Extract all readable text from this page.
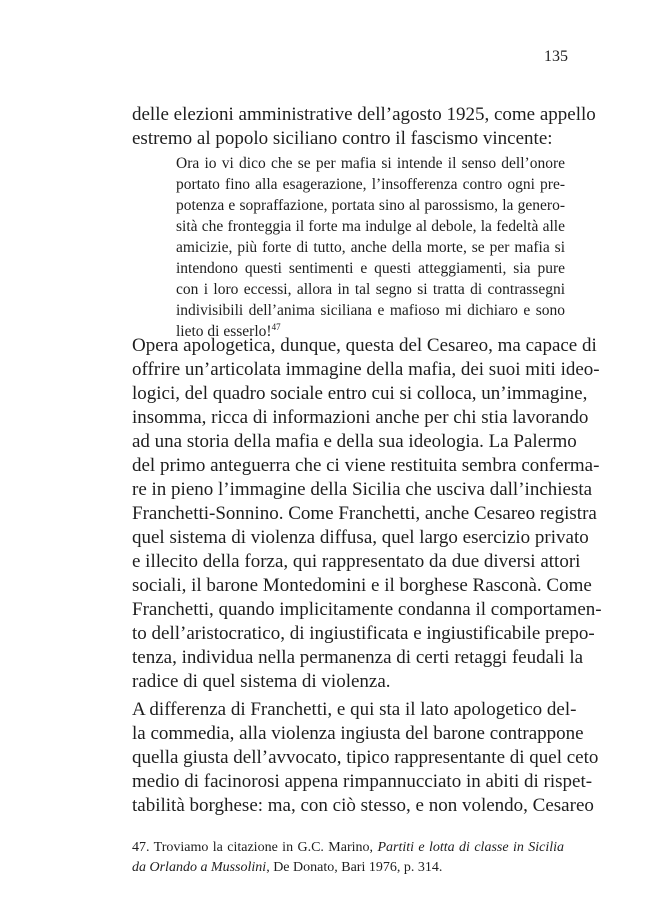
135
delle elezioni amministrative dell’agosto 1925, come appello
estremo al popolo siciliano contro il fascismo vincente:
Ora io vi dico che se per mafia si intende il senso dell’onore
portato fino alla esagerazione, l’insofferenza contro ogni pre-
potenza e sopraffazione, portata sino al parossismo, la genero-
sità che fronteggia il forte ma indulge al debole, la fedeltà alle
amicizie, più forte di tutto, anche della morte, se per mafia si
intendono questi sentimenti e questi atteggiamenti, sia pure
con i loro eccessi, allora in tal segno si tratta di contrassegni
indivisibili dell’anima siciliana e mafioso mi dichiaro e sono
lieto di esserlo!$^{47}$
Opera apologetica, dunque, questa del Cesareo, ma capace di
offrire un’articolata immagine della mafia, dei suoi miti ideo-
logici, del quadro sociale entro cui si colloca, un’immagine,
insomma, ricca di informazioni anche per chi stia lavorando
ad una storia della mafia e della sua ideologia. La Palermo
del primo anteguerra che ci viene restituita sembra conferma-
re in pieno l’immagine della Sicilia che usciva dall’inchiesta
Franchetti-Sonnino. Come Franchetti, anche Cesareo registra
quel sistema di violenza diffusa, quel largo esercizio privato
e illecito della forza, qui rappresentato da due diversi attori
sociali, il barone Montedomini e il borghese Rasconà. Come
Franchetti, quando implicitamente condanna il comportamen-
to dell’aristocratico, di ingiustificata e ingiustificabile prepo-
tenza, individua nella permanenza di certi retaggi feudali la
radice di quel sistema di violenza.
A differenza di Franchetti, e qui sta il lato apologetico del-
la commedia, alla violenza ingiusta del barone contrappone
quella giusta dell’avvocato, tipico rappresentante di quel ceto
medio di facinorosi appena rimpannucciato in abiti di rispet-
tabilità borghese: ma, con ciò stesso, e non volendo, Cesareo
47. Troviamo la citazione in G.C. Marino, Partiti e lotta di classe in Sicilia
da Orlando a Mussolini, De Donato, Bari 1976, p. 314.
